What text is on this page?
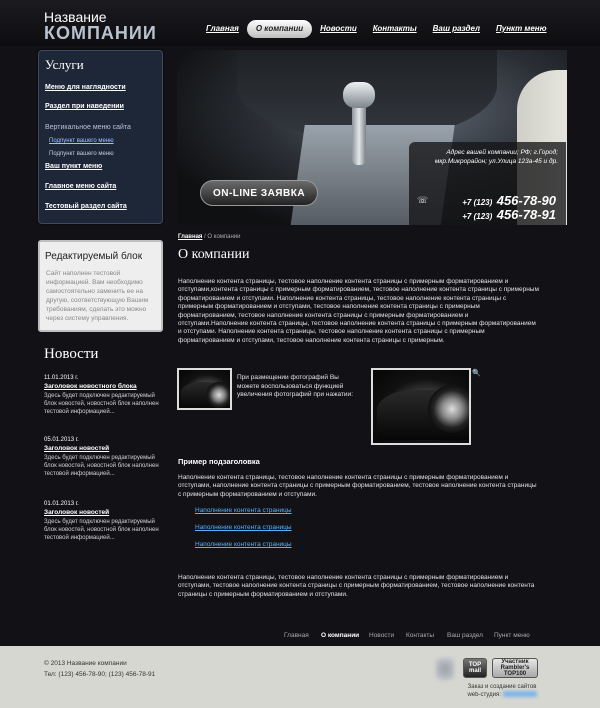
Название
КОМПАНИИ	Главная	О компании	Новости	Контакты	Ваш раздел	Пункт меню
Услуги
Меню для наглядности
Раздел при наведении
Вертикальное меню сайта
Подпункт вашего меню
Подпункт вашего меню
Ваш пункт меню
Главное меню сайта
Тестовый раздел сайта
Редактируемый блок
Сайт наполнен тестовой информацией. Вам необходимо самостоятельно заменить ее на другую, соответствующую Вашим требованиям, сделать это можно через систему управления.
Новости
11.01.2013 г.
Заголовок новостного блока
Здесь будет подключен редактируемый блок новостей, новостной блок наполнен тестовой информацией...
05.01.2013 г.
Заголовок новостей
Здесь будет подключен редактируемый блок новостей, новостной блок наполнен тестовой информацией...
01.01.2013 г.
Заголовок новостей
Здесь будет подключен редактируемый блок новостей, новостной блок наполнен тестовой информацией...
ON-LINE ЗАЯВКА
Адрес вашей компании; РФ; г.Город; мкр.Микрорайон; ул.Улица 123а-45 и др.
☏	+7 (123) 456-78-90
+7 (123) 456-78-91
Главная / О компании
О компании
Наполнение контента страницы, тестовое наполнение контента страницы с примерным форматированием и отступами,контента страницы с примерным форматированием, тестовое наполнение контента страницы с примерным форматированием и отступами. Наполнение контента страницы, тестовое наполнение контента страницы с примерным форматированием и отступами, тестовое наполнение контента страницы с примерным форматированием, тестовое наполнение контента страницы с примерным форматированием и отступами.Наполнение контента страницы, тестовое наполнение контента страницы с примерным форматированием и отступами. Наполнение контента страницы, тестовое наполнение контента страницы с примерным форматированием и отступами, тестовое наполнение контента страницы с примерным.
При размещении фотографий Вы можете воспользоваться функцией увеличения фотографий при нажатии:
🔍
Пример подзаголовка
Наполнение контента страницы, тестовое наполнение контента страницы с примерным форматированием и отступами, наполнение контента страницы с примерным форматированием, тестовое наполнение контента страницы с примерным форматированием и отступами.
Наполнение контента страницы
Наполнение контента страницы
Наполнение контента страницы
Наполнение контента страницы, тестовое наполнение контента страницы с примерным форматированием и отступами, тестовое наполнение контента страницы с примерным форматированием, тестовое наполнение контента страницы с примерным форматированием и отступами.
Главная О компании Новости Контакты Ваш раздел Пункт меню
© 2013 Название компании
Тел: (123) 456-78-90; (123) 456-78-91
TOP mail
Участник Rambler's TOP100
Заказ и создание сайтов web-студия:
